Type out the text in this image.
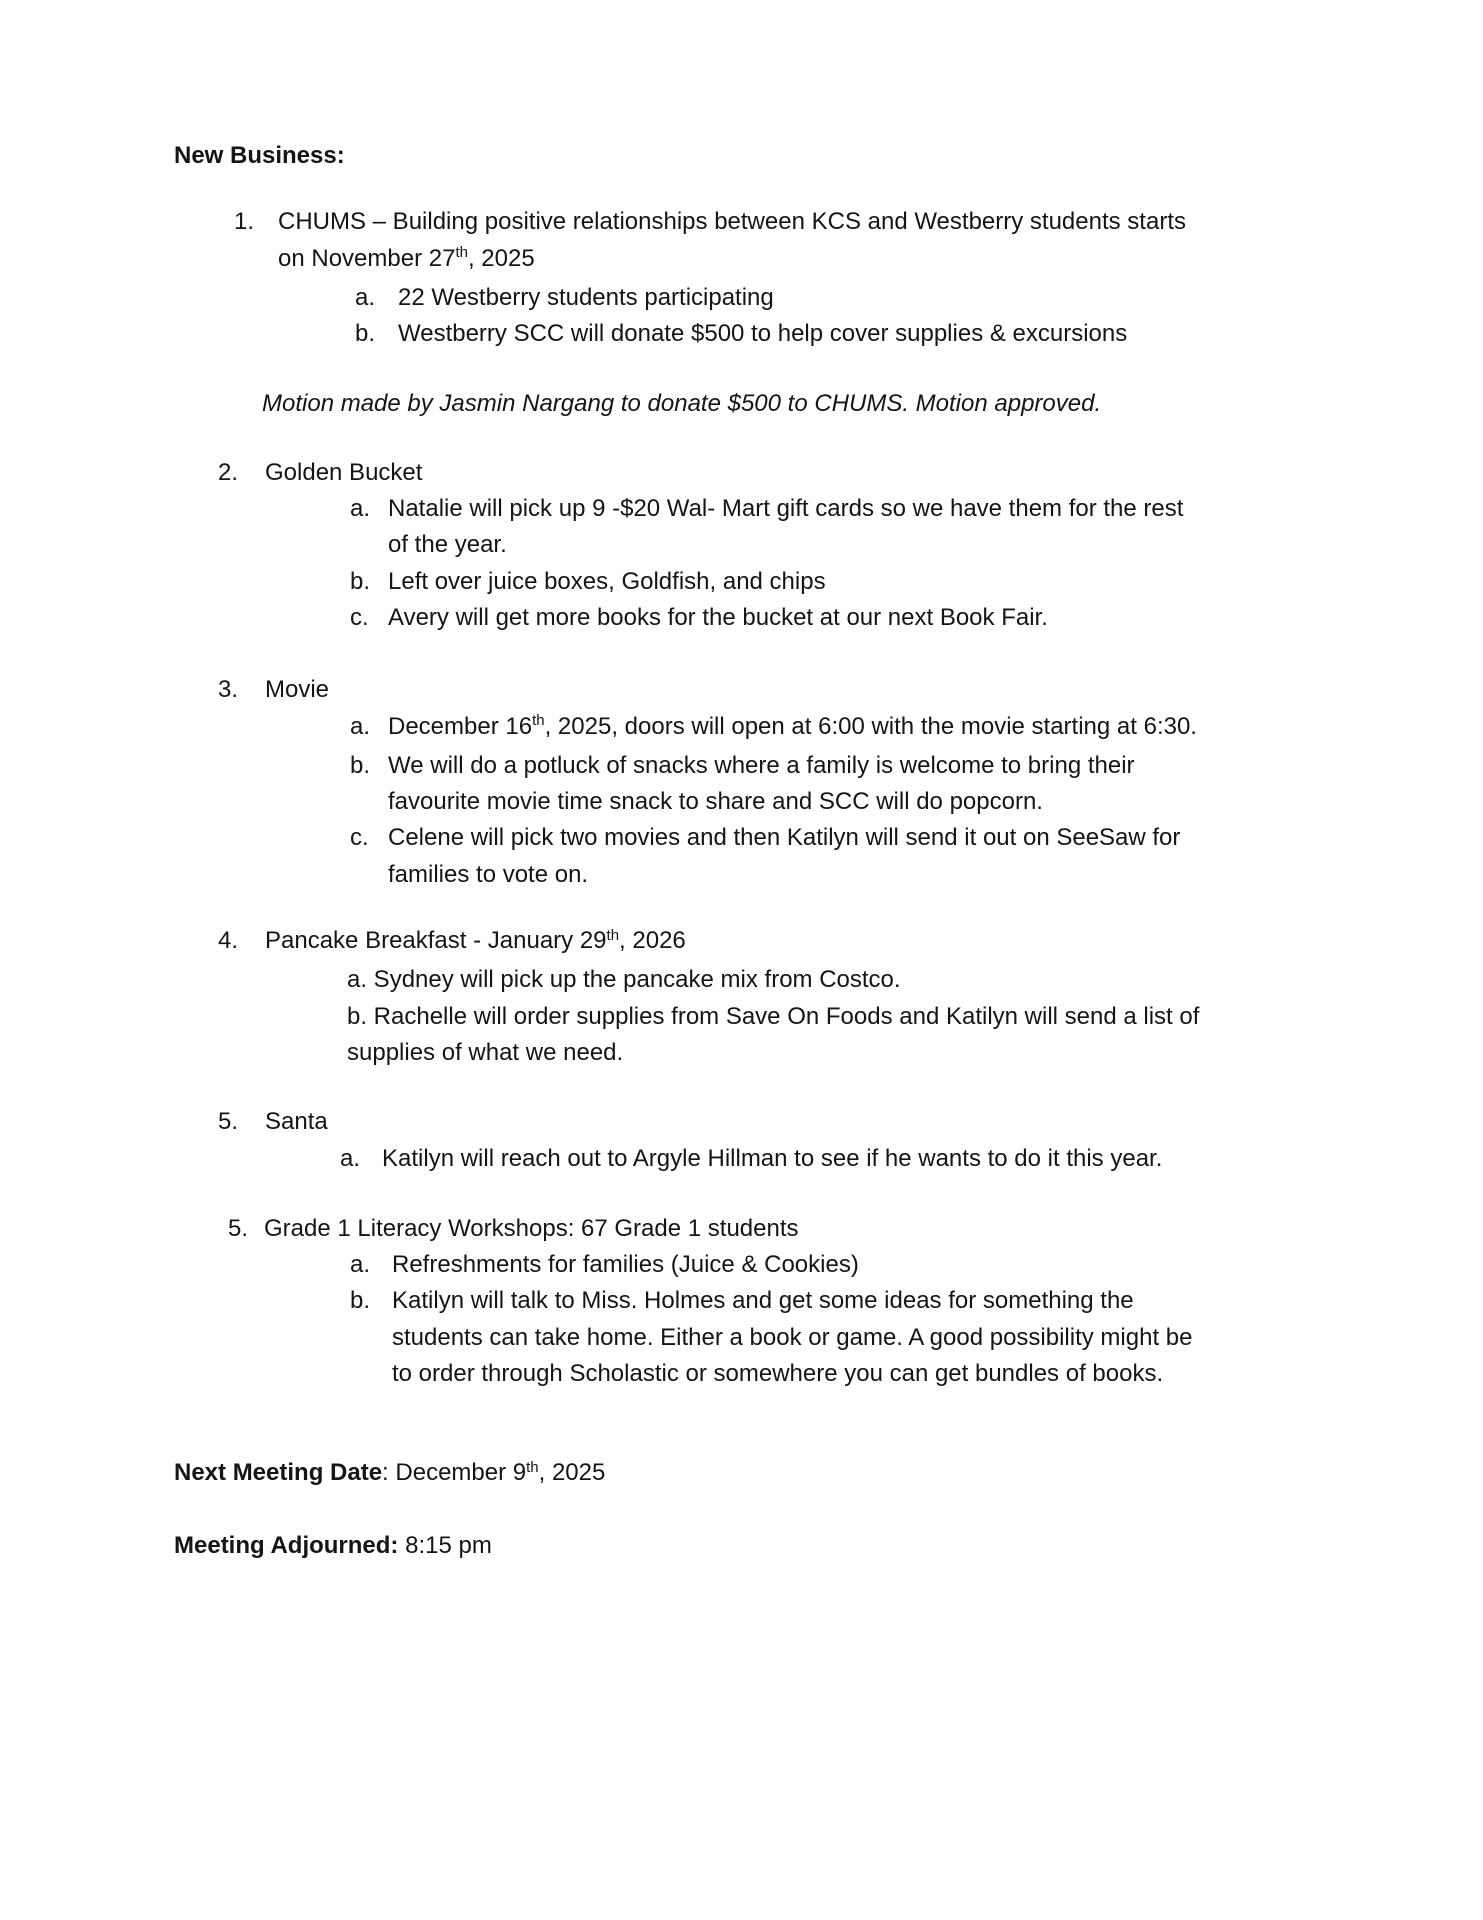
New Business:
1. CHUMS – Building positive relationships between KCS and Westberry students starts
on November 27th, 2025
a. 22 Westberry students participating
b. Westberry SCC will donate $500 to help cover supplies & excursions
Motion made by Jasmin Nargang to donate $500 to CHUMS. Motion approved.
2.	Golden Bucket
a. Natalie will pick up 9 -$20 Wal- Mart gift cards so we have them for the rest
of the year.
b. Left over juice boxes, Goldfish, and chips
c. Avery will get more books for the bucket at our next Book Fair.
3.	Movie
a. December 16th, 2025, doors will open at 6:00 with the movie starting at 6:30.
b. We will do a potluck of snacks where a family is welcome to bring their
favourite movie time snack to share and SCC will do popcorn.
c. Celene will pick two movies and then Katilyn will send it out on SeeSaw for
families to vote on.
4.	Pancake Breakfast - January 29th, 2026
a. Sydney will pick up the pancake mix from Costco.
b. Rachelle will order supplies from Save On Foods and Katilyn will send a list of
supplies of what we need.
5.	Santa
a. Katilyn will reach out to Argyle Hillman to see if he wants to do it this year.
5. Grade 1 Literacy Workshops: 67 Grade 1 students
a. Refreshments for families (Juice & Cookies)
b. Katilyn will talk to Miss. Holmes and get some ideas for something the
students can take home. Either a book or game. A good possibility might be
to order through Scholastic or somewhere you can get bundles of books.
Next Meeting Date: December 9th, 2025
Meeting Adjourned: 8:15 pm
